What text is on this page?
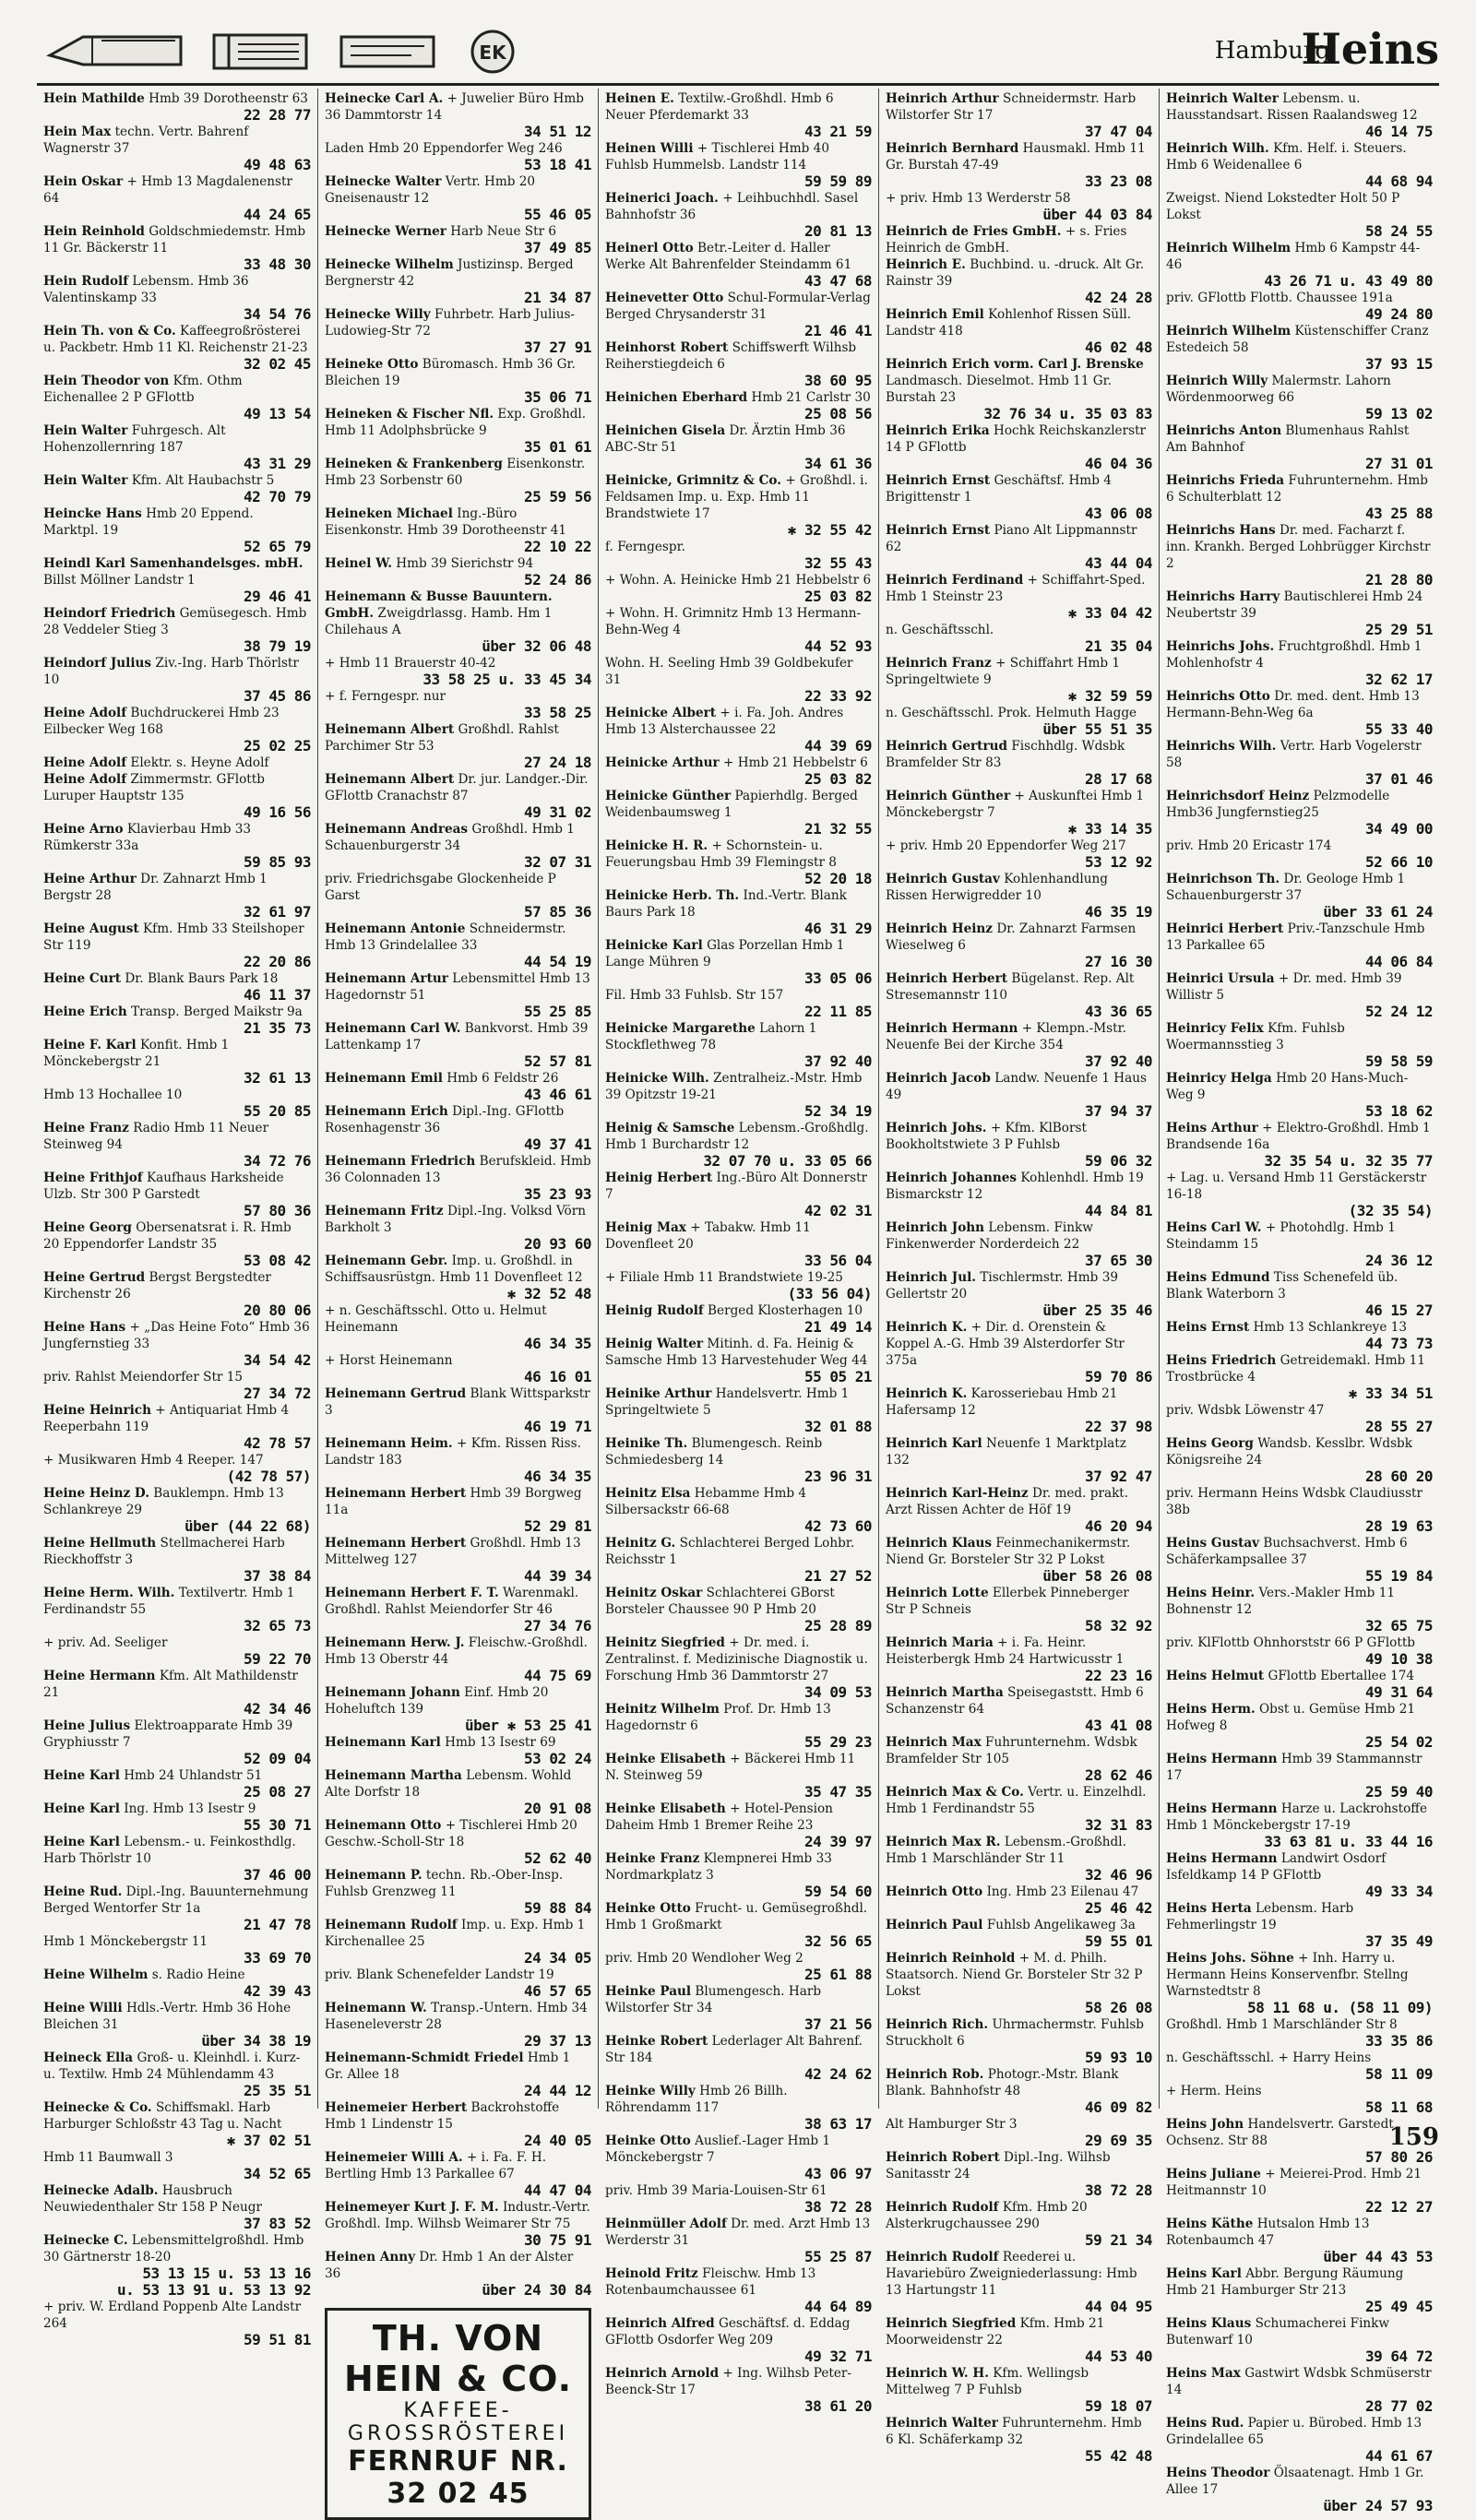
EK	Hamburg
Heins
Hein Mathilde Hmb 39 Dorotheenstr 63
22 28 77
Hein Max techn. Vertr. Bahrenf Wagnerstr 37
49 48 63
Hein Oskar + Hmb 13 Magdalenenstr 64
44 24 65
Hein Reinhold Goldschmiedemstr. Hmb 11 Gr. Bäckerstr 11
33 48 30
Hein Rudolf Lebensm. Hmb 36 Valentinskamp 33
34 54 76
Hein Th. von & Co. Kaffeegroßrösterei u. Packbetr. Hmb 11 Kl. Reichenstr 21-23
32 02 45
Hein Theodor von Kfm. Othm Eichenallee 2 P GFlottb
49 13 54
Hein Walter Fuhrgesch. Alt Hohenzollernring 187
43 31 29
Hein Walter Kfm. Alt Haubachstr 5
42 70 79
Heincke Hans Hmb 20 Eppend. Marktpl. 19
52 65 79
Heindl Karl Samenhandelsges. mbH. Billst Möllner Landstr 1
29 46 41
Heindorf Friedrich Gemüsegesch. Hmb 28 Veddeler Stieg 3
38 79 19
Heindorf Julius Ziv.-Ing. Harb Thörlstr 10
37 45 86
Heine Adolf Buchdruckerei Hmb 23 Eilbecker Weg 168
25 02 25
Heine Adolf Elektr. s. Heyne Adolf
Heine Adolf Zimmermstr. GFlottb Luruper Hauptstr 135
49 16 56
Heine Arno Klavierbau Hmb 33 Rümkerstr 33a
59 85 93
Heine Arthur Dr. Zahnarzt Hmb 1 Bergstr 28
32 61 97
Heine August Kfm. Hmb 33 Steilshoper Str 119
22 20 86
Heine Curt Dr. Blank Baurs Park 18
46 11 37
Heine Erich Transp. Berged Maikstr 9a
21 35 73
Heine F. Karl Konfit. Hmb 1 Mönckebergstr 21
32 61 13
Hmb 13 Hochallee 10
55 20 85
Heine Franz Radio Hmb 11 Neuer Steinweg 94
34 72 76
Heine Frithjof Kaufhaus Harksheide Ulzb. Str 300 P Garstedt
57 80 36
Heine Georg Obersenatsrat i. R. Hmb 20 Eppendorfer Landstr 35
53 08 42
Heine Gertrud Bergst Bergstedter Kirchenstr 26
20 80 06
Heine Hans + „Das Heine Foto“ Hmb 36 Jungfernstieg 33
34 54 42
priv. Rahlst Meiendorfer Str 15
27 34 72
Heine Heinrich + Antiquariat Hmb 4 Reeperbahn 119
42 78 57
+ Musikwaren Hmb 4 Reeper. 147
(42 78 57)
Heine Heinz D. Bauklempn. Hmb 13 Schlankreye 29
über (44 22 68)
Heine Hellmuth Stellmacherei Harb Rieckhoffstr 3
37 38 84
Heine Herm. Wilh. Textilvertr. Hmb 1 Ferdinandstr 55
32 65 73
+ priv. Ad. Seeliger
59 22 70
Heine Hermann Kfm. Alt Mathildenstr 21
42 34 46
Heine Julius Elektroapparate Hmb 39 Gryphiusstr 7
52 09 04
Heine Karl Hmb 24 Uhlandstr 51
25 08 27
Heine Karl Ing. Hmb 13 Isestr 9
55 30 71
Heine Karl Lebensm.- u. Feinkosthdlg. Harb Thörlstr 10
37 46 00
Heine Rud. Dipl.-Ing. Bauunternehmung Berged Wentorfer Str 1a
21 47 78
Hmb 1 Mönckebergstr 11
33 69 70
Heine Wilhelm s. Radio Heine
42 39 43
Heine Willi Hdls.-Vertr. Hmb 36 Hohe Bleichen 31
über 34 38 19
Heineck Ella Groß- u. Kleinhdl. i. Kurz- u. Textilw. Hmb 24 Mühlendamm 43
25 35 51
Heinecke & Co. Schiffsmakl. Harb Harburger Schloßstr 43 Tag u. Nacht
✱ 37 02 51
Hmb 11 Baumwall 3
34 52 65
Heinecke Adalb. Hausbruch Neuwiedenthaler Str 158 P Neugr
37 83 52
Heinecke C. Lebensmittelgroßhdl. Hmb 30 Gärtnerstr 18-20
53 13 15 u. 53 13 16
u. 53 13 91 u. 53 13 92
+ priv. W. Erdland Poppenb Alte Landstr 264
59 51 81
Heinecke Carl A. + Juwelier Büro Hmb 36 Dammtorstr 14
34 51 12
Laden Hmb 20 Eppendorfer Weg 246
53 18 41
Heinecke Walter Vertr. Hmb 20 Gneisenaustr 12
55 46 05
Heinecke Werner Harb Neue Str 6
37 49 85
Heinecke Wilhelm Justizinsp. Berged Bergnerstr 42
21 34 87
Heinecke Willy Fuhrbetr. Harb Julius-Ludowieg-Str 72
37 27 91
Heineke Otto Büromasch. Hmb 36 Gr. Bleichen 19
35 06 71
Heineken & Fischer Nfl. Exp. Großhdl. Hmb 11 Adolphsbrücke 9
35 01 61
Heineken & Frankenberg Eisenkonstr. Hmb 23 Sorbenstr 60
25 59 56
Heineken Michael Ing.-Büro Eisenkonstr. Hmb 39 Dorotheenstr 41
22 10 22
Heinel W. Hmb 39 Sierichstr 94
52 24 86
Heinemann & Busse Bauuntern. GmbH. Zweigdrlassg. Hamb. Hm 1 Chilehaus A
über 32 06 48
+ Hmb 11 Brauerstr 40-42
33 58 25 u. 33 45 34
+ f. Ferngespr. nur
33 58 25
Heinemann Albert Großhdl. Rahlst Parchimer Str 53
27 24 18
Heinemann Albert Dr. jur. Landger.-Dir. GFlottb Cranachstr 87
49 31 02
Heinemann Andreas Großhdl. Hmb 1 Schauenburgerstr 34
32 07 31
priv. Friedrichsgabe Glockenheide P Garst
57 85 36
Heinemann Antonie Schneidermstr. Hmb 13 Grindelallee 33
44 54 19
Heinemann Artur Lebensmittel Hmb 13 Hagedornstr 51
55 25 85
Heinemann Carl W. Bankvorst. Hmb 39 Lattenkamp 17
52 57 81
Heinemann Emil Hmb 6 Feldstr 26
43 46 61
Heinemann Erich Dipl.-Ing. GFlottb Rosenhagenstr 36
49 37 41
Heinemann Friedrich Berufskleid. Hmb 36 Colonnaden 13
35 23 93
Heinemann Fritz Dipl.-Ing. Volksd Vörn Barkholt 3
20 93 60
Heinemann Gebr. Imp. u. Großhdl. in Schiffsausrüstgn. Hmb 11 Dovenfleet 12
✱ 32 52 48
+ n. Geschäftsschl. Otto u. Helmut Heinemann
46 34 35
+ Horst Heinemann
46 16 01
Heinemann Gertrud Blank Wittsparkstr 3
46 19 71
Heinemann Heim. + Kfm. Rissen Riss. Landstr 183
46 34 35
Heinemann Herbert Hmb 39 Borgweg 11a
52 29 81
Heinemann Herbert Großhdl. Hmb 13 Mittelweg 127
44 39 34
Heinemann Herbert F. T. Warenmakl. Großhdl. Rahlst Meiendorfer Str 46
27 34 76
Heinemann Herw. J. Fleischw.-Großhdl. Hmb 13 Oberstr 44
44 75 69
Heinemann Johann Einf. Hmb 20 Hoheluftch 139
über ✱ 53 25 41
Heinemann Karl Hmb 13 Isestr 69
53 02 24
Heinemann Martha Lebensm. Wohld Alte Dorfstr 18
20 91 08
Heinemann Otto + Tischlerei Hmb 20 Geschw.-Scholl-Str 18
52 62 40
Heinemann P. techn. Rb.-Ober-Insp. Fuhlsb Grenzweg 11
59 88 84
Heinemann Rudolf Imp. u. Exp. Hmb 1 Kirchenallee 25
24 34 05
priv. Blank Schenefelder Landstr 19
46 57 65
Heinemann W. Transp.-Untern. Hmb 34 Haseneleverstr 28
29 37 13
Heinemann-Schmidt Friedel Hmb 1 Gr. Allee 18
24 44 12
Heinemeier Herbert Backrohstoffe Hmb 1 Lindenstr 15
24 40 05
Heinemeier Willi A. + i. Fa. F. H. Bertling Hmb 13 Parkallee 67
44 47 04
Heinemeyer Kurt J. F. M. Industr.-Vertr. Großhdl. Imp. Wilhsb Weimarer Str 75
30 75 91
Heinen Anny Dr. Hmb 1 An der Alster 36
über 24 30 84
TH. VON HEIN & CO.
KAFFEE-GROSSRÖSTEREI
FERNRUF NR. 32 02 45
Heinen E. Textilw.-Großhdl. Hmb 6 Neuer Pferdemarkt 33
43 21 59
Heinen Willi + Tischlerei Hmb 40 Fuhlsb Hummelsb. Landstr 114
59 59 89
Heinerici Joach. + Leihbuchhdl. Sasel Bahnhofstr 36
20 81 13
Heinerl Otto Betr.-Leiter d. Haller Werke Alt Bahrenfelder Steindamm 61
43 47 68
Heinevetter Otto Schul-Formular-Verlag Berged Chrysanderstr 31
21 46 41
Heinhorst Robert Schiffswerft Wilhsb Reiherstiegdeich 6
38 60 95
Heinichen Eberhard Hmb 21 Carlstr 30
25 08 56
Heinichen Gisela Dr. Ärztin Hmb 36 ABC-Str 51
34 61 36
Heinicke, Grimnitz & Co. + Großhdl. i. Feldsamen Imp. u. Exp. Hmb 11 Brandstwiete 17
✱ 32 55 42
f. Ferngespr.
32 55 43
+ Wohn. A. Heinicke Hmb 21 Hebbelstr 6
25 03 82
+ Wohn. H. Grimnitz Hmb 13 Hermann-Behn-Weg 4
44 52 93
Wohn. H. Seeling Hmb 39 Goldbekufer 31
22 33 92
Heinicke Albert + i. Fa. Joh. Andres Hmb 13 Alsterchaussee 22
44 39 69
Heinicke Arthur + Hmb 21 Hebbelstr 6
25 03 82
Heinicke Günther Papierhdlg. Berged Weidenbaumsweg 1
21 32 55
Heinicke H. R. + Schornstein- u. Feuerungsbau Hmb 39 Flemingstr 8
52 20 18
Heinicke Herb. Th. Ind.-Vertr. Blank Baurs Park 18
46 31 29
Heinicke Karl Glas Porzellan Hmb 1 Lange Mühren 9
33 05 06
Fil. Hmb 33 Fuhlsb. Str 157
22 11 85
Heinicke Margarethe Lahorn 1 Stockflethweg 78
37 92 40
Heinicke Wilh. Zentralheiz.-Mstr. Hmb 39 Opitzstr 19-21
52 34 19
Heinig & Samsche Lebensm.-Großhdlg. Hmb 1 Burchardstr 12
32 07 70 u. 33 05 66
Heinig Herbert Ing.-Büro Alt Donnerstr 7
42 02 31
Heinig Max + Tabakw. Hmb 11 Dovenfleet 20
33 56 04
+ Filiale Hmb 11 Brandstwiete 19-25
(33 56 04)
Heinig Rudolf Berged Klosterhagen 10
21 49 14
Heinig Walter Mitinh. d. Fa. Heinig & Samsche Hmb 13 Harvestehuder Weg 44
55 05 21
Heinike Arthur Handelsvertr. Hmb 1 Springeltwiete 5
32 01 88
Heinike Th. Blumengesch. Reinb Schmiedesberg 14
23 96 31
Heinitz Elsa Hebamme Hmb 4 Silbersackstr 66-68
42 73 60
Heinitz G. Schlachterei Berged Lohbr. Reichsstr 1
21 27 52
Heinitz Oskar Schlachterei GBorst Borsteler Chaussee 90 P Hmb 20
25 28 89
Heinitz Siegfried + Dr. med. i. Zentralinst. f. Medizinische Diagnostik u. Forschung Hmb 36 Dammtorstr 27
34 09 53
Heinitz Wilhelm Prof. Dr. Hmb 13 Hagedornstr 6
55 29 23
Heinke Elisabeth + Bäckerei Hmb 11 N. Steinweg 59
35 47 35
Heinke Elisabeth + Hotel-Pension Daheim Hmb 1 Bremer Reihe 23
24 39 97
Heinke Franz Klempnerei Hmb 33 Nordmarkplatz 3
59 54 60
Heinke Otto Frucht- u. Gemüsegroßhdl. Hmb 1 Großmarkt
32 56 65
priv. Hmb 20 Wendloher Weg 2
25 61 88
Heinke Paul Blumengesch. Harb Wilstorfer Str 34
37 21 56
Heinke Robert Lederlager Alt Bahrenf. Str 184
42 24 62
Heinke Willy Hmb 26 Billh. Röhrendamm 117
38 63 17
Heinke Otto Auslief.-Lager Hmb 1 Mönckebergstr 7
43 06 97
priv. Hmb 39 Maria-Louisen-Str 61
38 72 28
Heinmüller Adolf Dr. med. Arzt Hmb 13 Werderstr 31
55 25 87
Heinold Fritz Fleischw. Hmb 13 Rotenbaumchaussee 61
44 64 89
Heinrich Alfred Geschäftsf. d. Eddag GFlottb Osdorfer Weg 209
49 32 71
Heinrich Arnold + Ing. Wilhsb Peter-Beenck-Str 17
38 61 20
Heinrich Arthur Schneidermstr. Harb Wilstorfer Str 17
37 47 04
Heinrich Bernhard Hausmakl. Hmb 11 Gr. Burstah 47-49
33 23 08
+ priv. Hmb 13 Werderstr 58
über 44 03 84
Heinrich de Fries GmbH. + s. Fries Heinrich de GmbH.
Heinrich E. Buchbind. u. -druck. Alt Gr. Rainstr 39
42 24 28
Heinrich Emil Kohlenhof Rissen Süll. Landstr 418
46 02 48
Heinrich Erich vorm. Carl J. Brenske Landmasch. Dieselmot. Hmb 11 Gr. Burstah 23
32 76 34 u. 35 03 83
Heinrich Erika Hochk Reichskanzlerstr 14 P GFlottb
46 04 36
Heinrich Ernst Geschäftsf. Hmb 4 Brigittenstr 1
43 06 08
Heinrich Ernst Piano Alt Lippmannstr 62
43 44 04
Heinrich Ferdinand + Schiffahrt-Sped. Hmb 1 Steinstr 23
✱ 33 04 42
n. Geschäftsschl.
21 35 04
Heinrich Franz + Schiffahrt Hmb 1 Springeltwiete 9
✱ 32 59 59
n. Geschäftsschl. Prok. Helmuth Hagge
über 55 51 35
Heinrich Gertrud Fischhdlg. Wdsbk Bramfelder Str 83
28 17 68
Heinrich Günther + Auskunftei Hmb 1 Mönckebergstr 7
✱ 33 14 35
+ priv. Hmb 20 Eppendorfer Weg 217
53 12 92
Heinrich Gustav Kohlenhandlung Rissen Herwigredder 10
46 35 19
Heinrich Heinz Dr. Zahnarzt Farmsen Wieselweg 6
27 16 30
Heinrich Herbert Bügelanst. Rep. Alt Stresemannstr 110
43 36 65
Heinrich Hermann + Klempn.-Mstr. Neuenfe Bei der Kirche 354
37 92 40
Heinrich Jacob Landw. Neuenfe 1 Haus 49
37 94 37
Heinrich Johs. + Kfm. KlBorst Bookholtstwiete 3 P Fuhlsb
59 06 32
Heinrich Johannes Kohlenhdl. Hmb 19 Bismarckstr 12
44 84 81
Heinrich John Lebensm. Finkw Finkenwerder Norderdeich 22
37 65 30
Heinrich Jul. Tischlermstr. Hmb 39 Gellertstr 20
über 25 35 46
Heinrich K. + Dir. d. Orenstein & Koppel A.-G. Hmb 39 Alsterdorfer Str 375a
59 70 86
Heinrich K. Karosseriebau Hmb 21 Hafersamp 12
22 37 98
Heinrich Karl Neuenfe 1 Marktplatz 132
37 92 47
Heinrich Karl-Heinz Dr. med. prakt. Arzt Rissen Achter de Höf 19
46 20 94
Heinrich Klaus Feinmechanikermstr. Niend Gr. Borsteler Str 32 P Lokst
über 58 26 08
Heinrich Lotte Ellerbek Pinneberger Str P Schneis
58 32 92
Heinrich Maria + i. Fa. Heinr. Heisterbergk Hmb 24 Hartwicusstr 1
22 23 16
Heinrich Martha Speisegaststt. Hmb 6 Schanzenstr 64
43 41 08
Heinrich Max Fuhrunternehm. Wdsbk Bramfelder Str 105
28 62 46
Heinrich Max & Co. Vertr. u. Einzelhdl. Hmb 1 Ferdinandstr 55
32 31 83
Heinrich Max R. Lebensm.-Großhdl. Hmb 1 Marschländer Str 11
32 46 96
Heinrich Otto Ing. Hmb 23 Eilenau 47
25 46 42
Heinrich Paul Fuhlsb Angelikaweg 3a
59 55 01
Heinrich Reinhold + M. d. Philh. Staatsorch. Niend Gr. Borsteler Str 32 P Lokst
58 26 08
Heinrich Rich. Uhrmachermstr. Fuhlsb Struckholt 6
59 93 10
Heinrich Rob. Photogr.-Mstr. Blank Blank. Bahnhofstr 48
46 09 82
Alt Hamburger Str 3
29 69 35
Heinrich Robert Dipl.-Ing. Wilhsb Sanitasstr 24
38 72 28
Heinrich Rudolf Kfm. Hmb 20 Alsterkrugchaussee 290
59 21 34
Heinrich Rudolf Reederei u. Havariebüro Zweigniederlassung: Hmb 13 Hartungstr 11
44 04 95
Heinrich Siegfried Kfm. Hmb 21 Moorweidenstr 22
44 53 40
Heinrich W. H. Kfm. Wellingsb Mittelweg 7 P Fuhlsb
59 18 07
Heinrich Walter Fuhrunternehm. Hmb 6 Kl. Schäferkamp 32
55 42 48
Heinrich Walter Lebensm. u. Hausstandsart. Rissen Raalandsweg 12
46 14 75
Heinrich Wilh. Kfm. Helf. i. Steuers. Hmb 6 Weidenallee 6
44 68 94
Zweigst. Niend Lokstedter Holt 50 P Lokst
58 24 55
Heinrich Wilhelm Hmb 6 Kampstr 44-46
43 26 71 u. 43 49 80
priv. GFlottb Flottb. Chaussee 191a
49 24 80
Heinrich Wilhelm Küstenschiffer Cranz Estedeich 58
37 93 15
Heinrich Willy Malermstr. Lahorn Wördenmoorweg 66
59 13 02
Heinrichs Anton Blumenhaus Rahlst Am Bahnhof
27 31 01
Heinrichs Frieda Fuhrunternehm. Hmb 6 Schulterblatt 12
43 25 88
Heinrichs Hans Dr. med. Facharzt f. inn. Krankh. Berged Lohbrügger Kirchstr 2
21 28 80
Heinrichs Harry Bautischlerei Hmb 24 Neubertstr 39
25 29 51
Heinrichs Johs. Fruchtgroßhdl. Hmb 1 Mohlenhofstr 4
32 62 17
Heinrichs Otto Dr. med. dent. Hmb 13 Hermann-Behn-Weg 6a
55 33 40
Heinrichs Wilh. Vertr. Harb Vogelerstr 58
37 01 46
Heinrichsdorf Heinz Pelzmodelle Hmb36 Jungfernstieg25
34 49 00
priv. Hmb 20 Ericastr 174
52 66 10
Heinrichson Th. Dr. Geologe Hmb 1 Schauenburgerstr 37
über 33 61 24
Heinrici Herbert Priv.-Tanzschule Hmb 13 Parkallee 65
44 06 84
Heinrici Ursula + Dr. med. Hmb 39 Willistr 5
52 24 12
Heinricy Felix Kfm. Fuhlsb Woermannsstieg 3
59 58 59
Heinricy Helga Hmb 20 Hans-Much-Weg 9
53 18 62
Heins Arthur + Elektro-Großhdl. Hmb 1 Brandsende 16a
32 35 54 u. 32 35 77
+ Lag. u. Versand Hmb 11 Gerstäckerstr 16-18
(32 35 54)
Heins Carl W. + Photohdlg. Hmb 1 Steindamm 15
24 36 12
Heins Edmund Tiss Schenefeld üb. Blank Waterborn 3
46 15 27
Heins Ernst Hmb 13 Schlankreye 13
44 73 73
Heins Friedrich Getreidemakl. Hmb 11 Trostbrücke 4
✱ 33 34 51
priv. Wdsbk Löwenstr 47
28 55 27
Heins Georg Wandsb. Kesslbr. Wdsbk Königsreihe 24
28 60 20
priv. Hermann Heins Wdsbk Claudiusstr 38b
28 19 63
Heins Gustav Buchsachverst. Hmb 6 Schäferkampsallee 37
55 19 84
Heins Heinr. Vers.-Makler Hmb 11 Bohnenstr 12
32 65 75
priv. KlFlottb Ohnhorststr 66 P GFlottb
49 10 38
Heins Helmut GFlottb Ebertallee 174
49 31 64
Heins Herm. Obst u. Gemüse Hmb 21 Hofweg 8
25 54 02
Heins Hermann Hmb 39 Stammannstr 17
25 59 40
Heins Hermann Harze u. Lackrohstoffe Hmb 1 Mönckebergstr 17-19
33 63 81 u. 33 44 16
Heins Hermann Landwirt Osdorf Isfeldkamp 14 P GFlottb
49 33 34
Heins Herta Lebensm. Harb Fehmerlingstr 19
37 35 49
Heins Johs. Söhne + Inh. Harry u. Hermann Heins Konservenfbr. Stellng Warnstedtstr 8
58 11 68 u. (58 11 09)
Großhdl. Hmb 1 Marschländer Str 8
33 35 86
n. Geschäftsschl. + Harry Heins
58 11 09
+ Herm. Heins
58 11 68
Heins John Handelsvertr. Garstedt Ochsenz. Str 88
57 80 26
Heins Juliane + Meierei-Prod. Hmb 21 Heitmannstr 10
22 12 27
Heins Käthe Hutsalon Hmb 13 Rotenbaumch 47
über 44 43 53
Heins Karl Abbr. Bergung Räumung Hmb 21 Hamburger Str 213
25 49 45
Heins Klaus Schumacherei Finkw Butenwarf 10
39 64 72
Heins Max Gastwirt Wdsbk Schmüserstr 14
28 77 02
Heins Rud. Papier u. Bürobed. Hmb 13 Grindelallee 65
44 61 67
Heins Theodor Ölsaatenagt. Hmb 1 Gr. Allee 17
über 24 57 93
159
